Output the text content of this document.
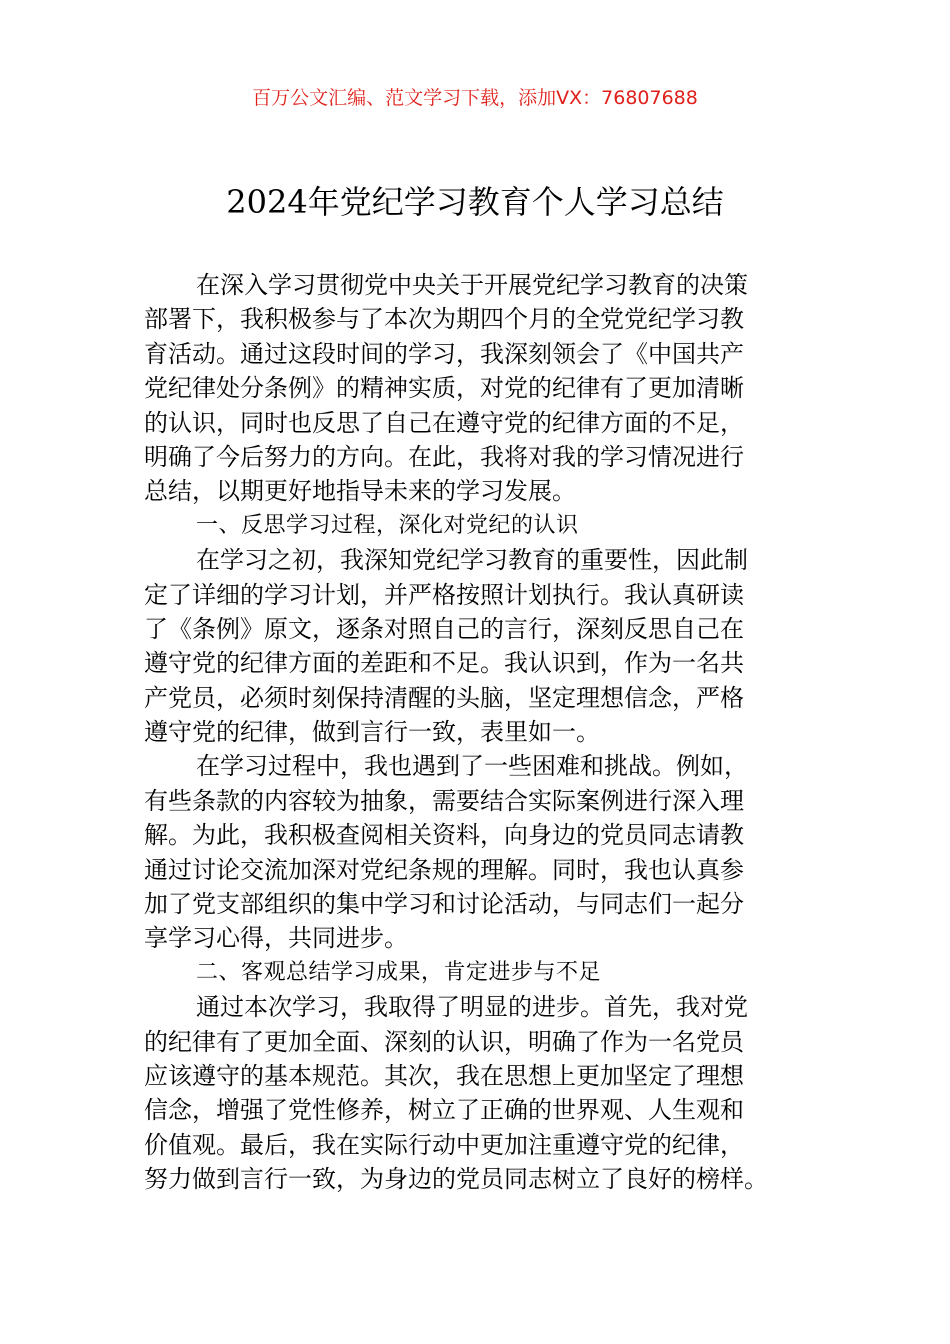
百万公文汇编、范文学习下载，添加VX：76807688
2024年党纪学习教育个人学习总结
在深入学习贯彻党中央关于开展党纪学习教育的决策
部署下，我积极参与了本次为期四个月的全党党纪学习教
育活动。通过这段时间的学习，我深刻领会了《中国共产
党纪律处分条例》的精神实质，对党的纪律有了更加清晰
的认识，同时也反思了自己在遵守党的纪律方面的不足，
明确了今后努力的方向。在此，我将对我的学习情况进行
总结，以期更好地指导未来的学习发展。
一、反思学习过程，深化对党纪的认识
在学习之初，我深知党纪学习教育的重要性，因此制
定了详细的学习计划，并严格按照计划执行。我认真研读
了《条例》原文，逐条对照自己的言行，深刻反思自己在
遵守党的纪律方面的差距和不足。我认识到，作为一名共
产党员，必须时刻保持清醒的头脑，坚定理想信念，严格
遵守党的纪律，做到言行一致，表里如一。
在学习过程中，我也遇到了一些困难和挑战。例如，
有些条款的内容较为抽象，需要结合实际案例进行深入理
解。为此，我积极查阅相关资料，向身边的党员同志请教
通过讨论交流加深对党纪条规的理解。同时，我也认真参
加了党支部组织的集中学习和讨论活动，与同志们一起分
享学习心得，共同进步。
二、客观总结学习成果，肯定进步与不足
通过本次学习，我取得了明显的进步。首先，我对党
的纪律有了更加全面、深刻的认识，明确了作为一名党员
应该遵守的基本规范。其次，我在思想上更加坚定了理想
信念，增强了党性修养，树立了正确的世界观、人生观和
价值观。最后，我在实际行动中更加注重遵守党的纪律，
努力做到言行一致，为身边的党员同志树立了良好的榜样。
